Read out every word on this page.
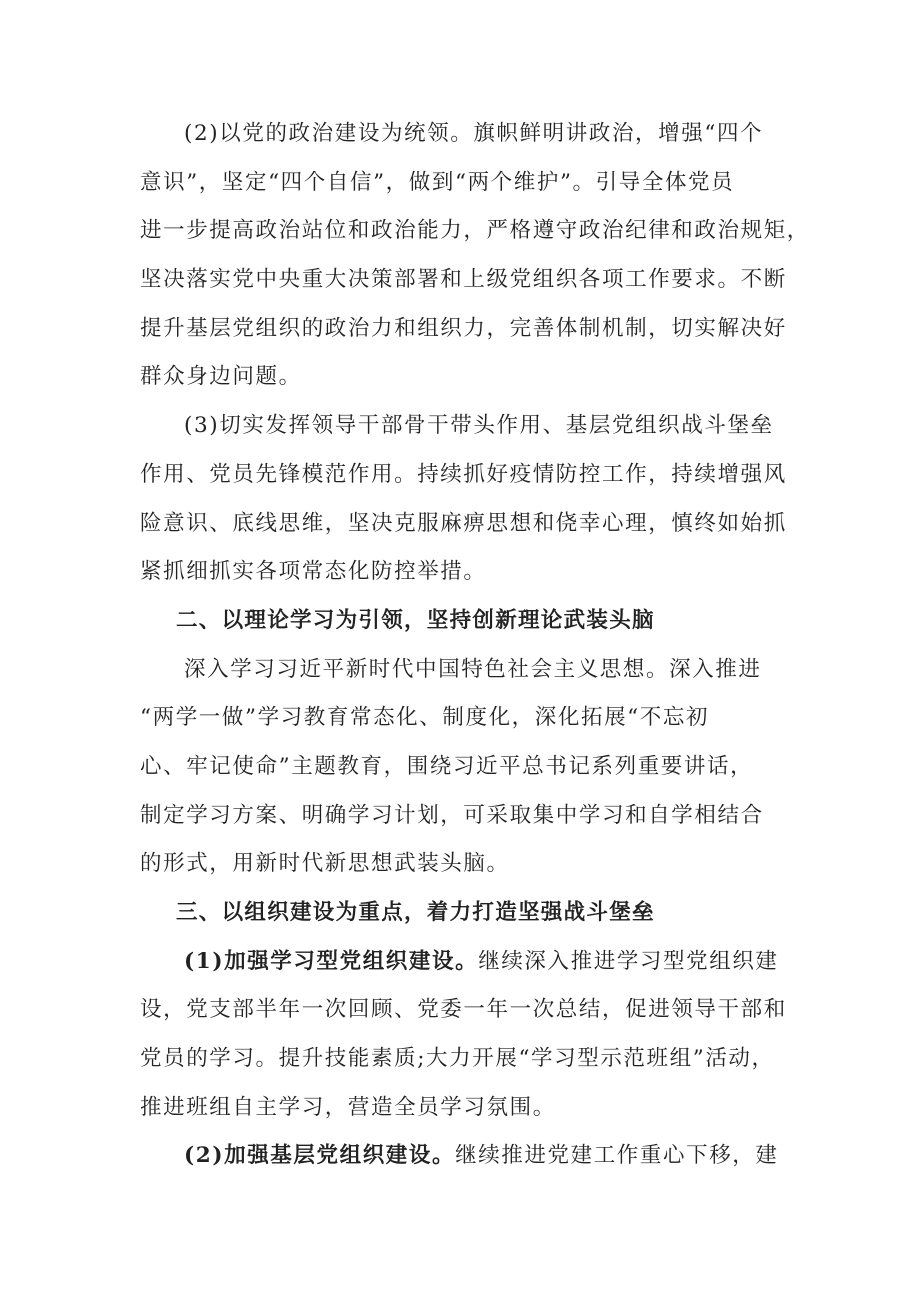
(2)以党的政治建设为统领。旗帜鲜明讲政治，增强“四个
意识”，坚定“四个自信”，做到“两个维护”。引导全体党员
进一步提高政治站位和政治能力，严格遵守政治纪律和政治规矩，
坚决落实党中央重大决策部署和上级党组织各项工作要求。不断
提升基层党组织的政治力和组织力，完善体制机制，切实解决好
群众身边问题。
(3)切实发挥领导干部骨干带头作用、基层党组织战斗堡垒
作用、党员先锋模范作用。持续抓好疫情防控工作，持续增强风
险意识、底线思维，坚决克服麻痹思想和侥幸心理，慎终如始抓
紧抓细抓实各项常态化防控举措。
二、以理论学习为引领，坚持创新理论武装头脑
深入学习习近平新时代中国特色社会主义思想。深入推进
“两学一做”学习教育常态化、制度化，深化拓展“不忘初
心、牢记使命”主题教育，围绕习近平总书记系列重要讲话，
制定学习方案、明确学习计划，可采取集中学习和自学相结合
的形式，用新时代新思想武装头脑。
三、以组织建设为重点，着力打造坚强战斗堡垒
(1)加强学习型党组织建设。继续深入推进学习型党组织建
设，党支部半年一次回顾、党委一年一次总结，促进领导干部和
党员的学习。提升技能素质;大力开展“学习型示范班组”活动，
推进班组自主学习，营造全员学习氛围。
(2)加强基层党组织建设。继续推进党建工作重心下移，建
